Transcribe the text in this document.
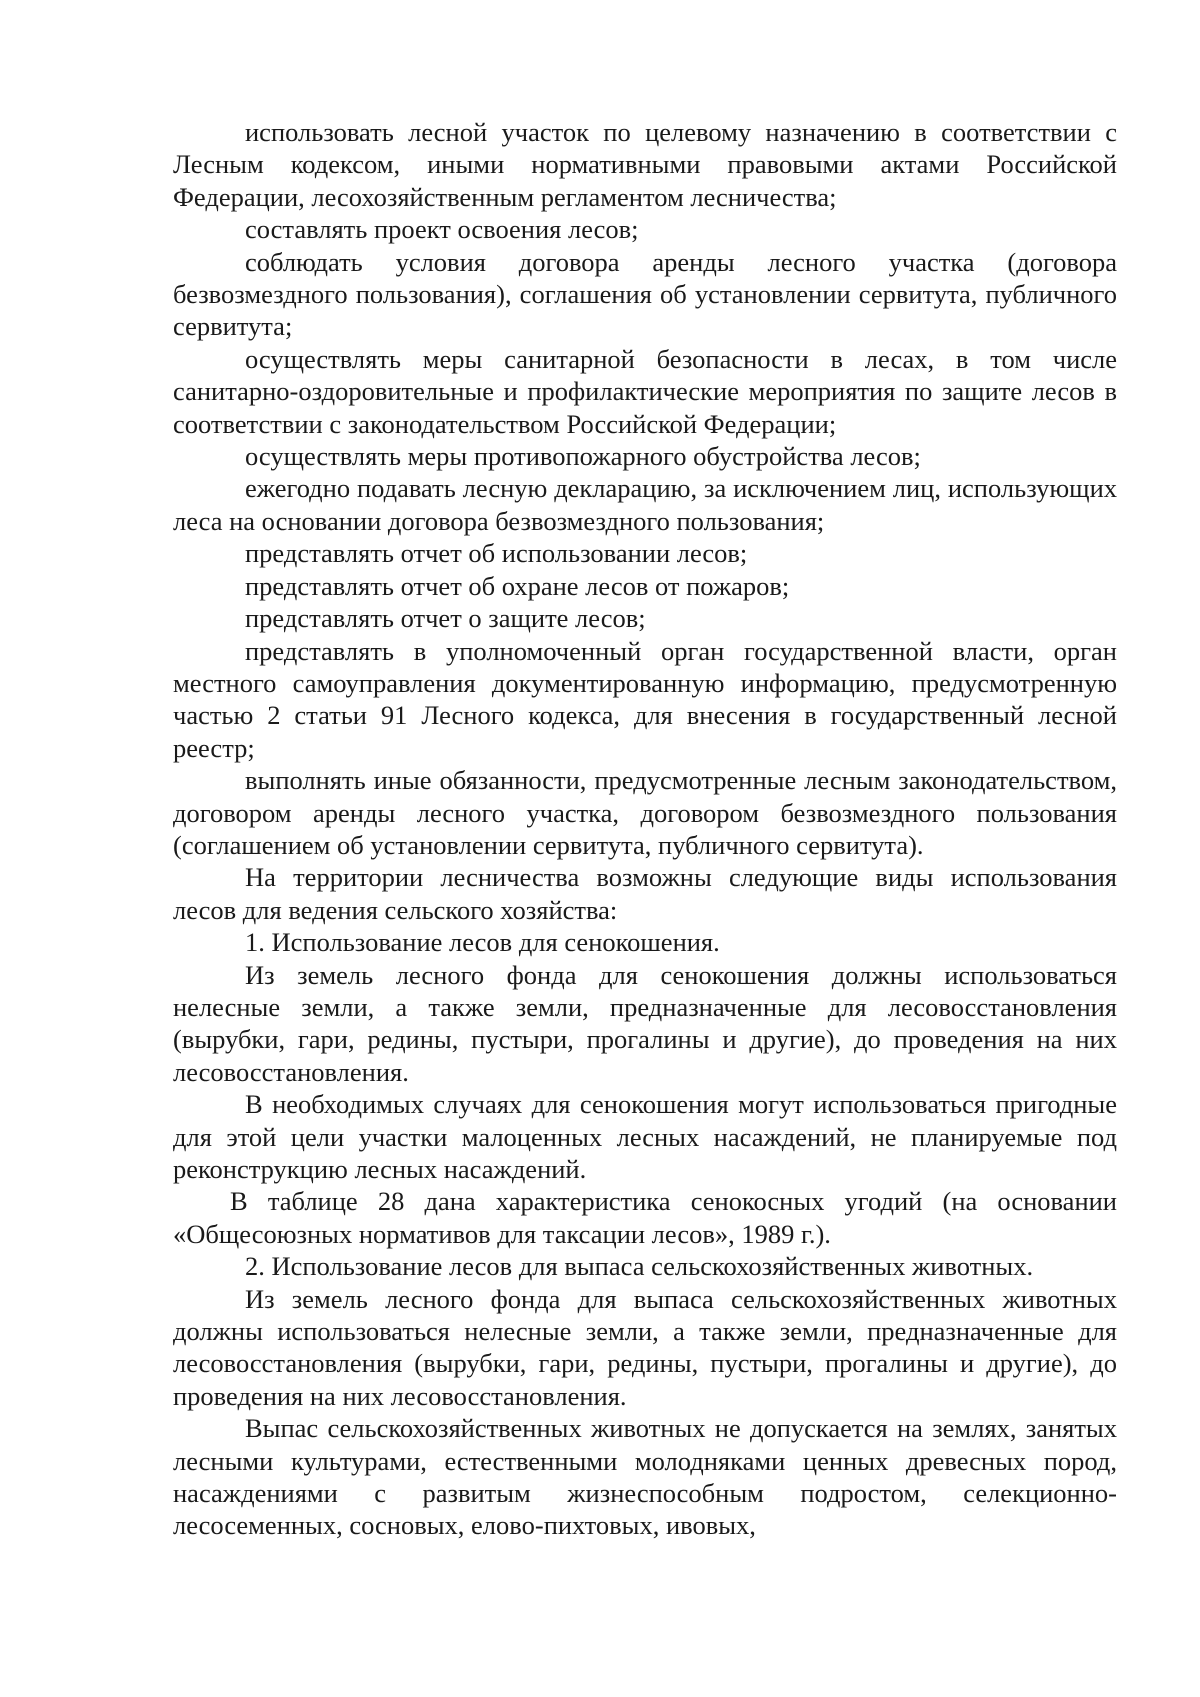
использовать лесной участок по целевому назначению в соответствии с Лесным кодексом, иными нормативными правовыми актами Российской Федерации, лесохозяйственным регламентом лесничества;

составлять проект освоения лесов;

соблюдать условия договора аренды лесного участка (договора безвозмездного пользования), соглашения об установлении сервитута, публичного сервитута;

осуществлять меры санитарной безопасности в лесах, в том числе санитарно-оздоровительные и профилактические мероприятия по защите лесов в соответствии с законодательством Российской Федерации;

осуществлять меры противопожарного обустройства лесов;

ежегодно подавать лесную декларацию, за исключением лиц, использующих леса на основании договора безвозмездного пользования;

представлять отчет об использовании лесов;

представлять отчет об охране лесов от пожаров;

представлять отчет о защите лесов;

представлять в уполномоченный орган государственной власти, орган местного самоуправления документированную информацию, предусмотренную частью 2 статьи 91 Лесного кодекса, для внесения в государственный лесной реестр;

выполнять иные обязанности, предусмотренные лесным законодательством, договором аренды лесного участка, договором безвозмездного пользования (соглашением об установлении сервитута, публичного сервитута).

На территории лесничества возможны следующие виды использования лесов для ведения сельского хозяйства:

1. Использование лесов для сенокошения.

Из земель лесного фонда для сенокошения должны использоваться нелесные земли, а также земли, предназначенные для лесовосстановления (вырубки, гари, редины, пустыри, прогалины и другие), до проведения на них лесовосстановления.

В необходимых случаях для сенокошения могут использоваться пригодные для этой цели участки малоценных лесных насаждений, не планируемые под реконструкцию лесных насаждений.

В таблице 28 дана характеристика сенокосных угодий (на основании «Общесоюзных нормативов для таксации лесов», 1989 г.).

2. Использование лесов для выпаса сельскохозяйственных животных.

Из земель лесного фонда для выпаса сельскохозяйственных животных должны использоваться нелесные земли, а также земли, предназначенные для лесовосстановления (вырубки, гари, редины, пустыри, прогалины и другие), до проведения на них лесовосстановления.

Выпас сельскохозяйственных животных не допускается на землях, занятых лесными культурами, естественными молодняками ценных древесных пород, насаждениями с развитым жизнеспособным подростом, селекционно-лесосеменных, сосновых, елово-пихтовых, ивовых,
